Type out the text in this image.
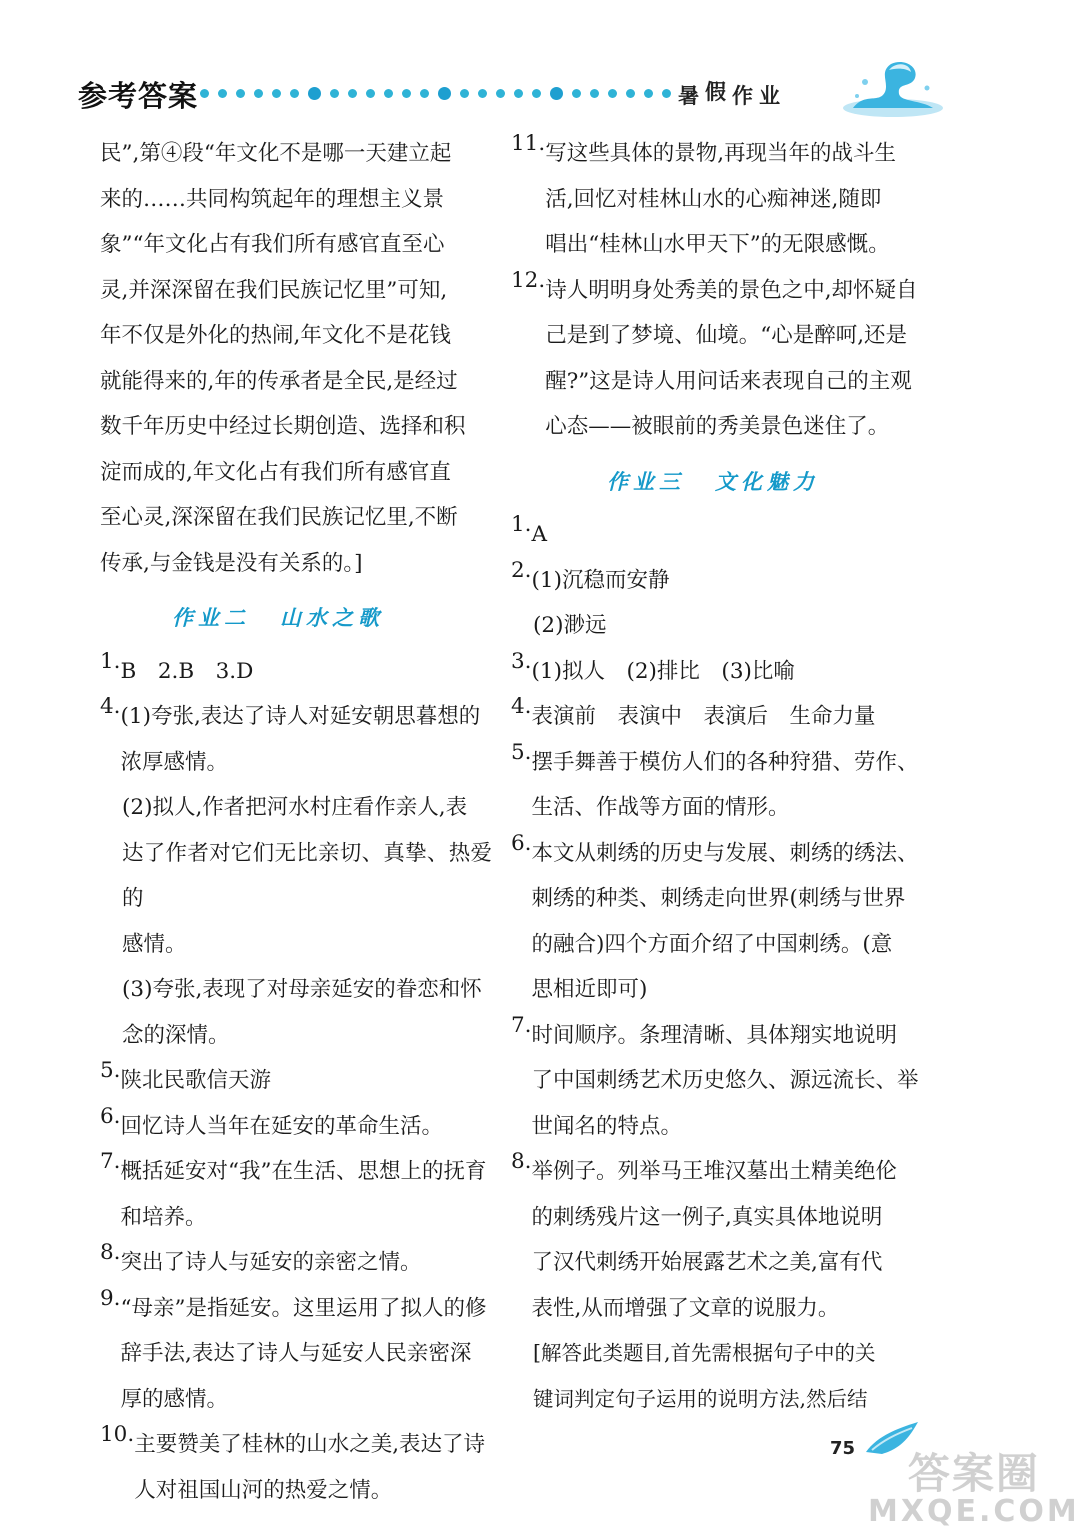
参考答案	暑假作业

民”,第④段“年文化不是哪一天建立起

来的……共同构筑起年的理想主义景

象”“年文化占有我们所有感官直至心

灵,并深深留在我们民族记忆里”可知,

年不仅是外化的热闹,年文化不是花钱

就能得来的,年的传承者是全民,是经过

数千年历史中经过长期创造、选择和积

淀而成的,年文化占有我们所有感官直

至心灵,深深留在我们民族记忆里,不断

传承,与金钱是没有关系的。]

作业二 山水之歌

1. B　2.B　3.D

4. (1)夸张,表达了诗人对延安朝思暮想的

浓厚感情。

(2)拟人,作者把河水村庄看作亲人,表

达了作者对它们无比亲切、真挚、热爱的

感情。

(3)夸张,表现了对母亲延安的眷恋和怀

念的深情。

5. 陕北民歌信天游

6. 回忆诗人当年在延安的革命生活。

7. 概括延安对“我”在生活、思想上的抚育

和培养。

8. 突出了诗人与延安的亲密之情。

9. “母亲”是指延安。这里运用了拟人的修

辞手法,表达了诗人与延安人民亲密深

厚的感情。

10. 主要赞美了桂林的山水之美,表达了诗

人对祖国山河的热爱之情。

11. 写这些具体的景物,再现当年的战斗生

活,回忆对桂林山水的心痴神迷,随即

唱出“桂林山水甲天下”的无限感慨。

12. 诗人明明身处秀美的景色之中,却怀疑自

己是到了梦境、仙境。“心是醉呵,还是

醒?”这是诗人用问话来表现自己的主观

心态——被眼前的秀美景色迷住了。

作业三 文化魅力

1. A

2. (1)沉稳而安静

(2)渺远

3. (1)拟人　(2)排比　(3)比喻

4. 表演前　表演中　表演后　生命力量

5. 摆手舞善于模仿人们的各种狩猎、劳作、

生活、作战等方面的情形。

6. 本文从刺绣的历史与发展、刺绣的绣法、

刺绣的种类、刺绣走向世界(刺绣与世界

的融合)四个方面介绍了中国刺绣。(意

思相近即可)

7. 时间顺序。条理清晰、具体翔实地说明

了中国刺绣艺术历史悠久、源远流长、举

世闻名的特点。

8. 举例子。列举马王堆汉墓出土精美绝伦

的刺绣残片这一例子,真实具体地说明

了汉代刺绣开始展露艺术之美,富有代

表性,从而增强了文章的说服力。

[解答此类题目,首先需根据句子中的关

键词判定句子运用的说明方法,然后结

75
答案圈
MXQE.COM
